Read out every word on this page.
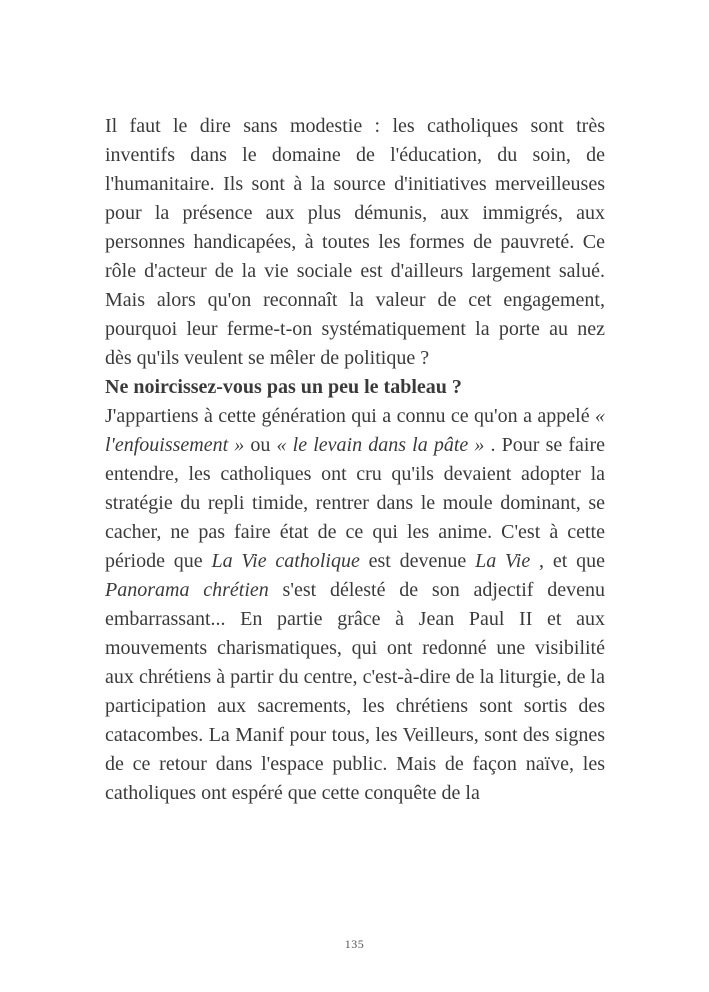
Il faut le dire sans modestie : les catholiques sont très inventifs dans le domaine de l'éducation, du soin, de l'humanitaire. Ils sont à la source d'initiatives merveilleuses pour la présence aux plus démunis, aux immigrés, aux personnes handicapées, à toutes les formes de pauvreté. Ce rôle d'acteur de la vie sociale est d'ailleurs largement salué. Mais alors qu'on reconnaît la valeur de cet engagement, pourquoi leur ferme-t-on systématiquement la porte au nez dès qu'ils veulent se mêler de politique ?

Ne noircissez-vous pas un peu le tableau ?

J'appartiens à cette génération qui a connu ce qu'on a appelé « l'enfouissement » ou « le levain dans la pâte » . Pour se faire entendre, les catholiques ont cru qu'ils devaient adopter la stratégie du repli timide, rentrer dans le moule dominant, se cacher, ne pas faire état de ce qui les anime. C'est à cette période que La Vie catholique est devenue La Vie , et que Panorama chrétien s'est délesté de son adjectif devenu embarrassant... En partie grâce à Jean Paul II et aux mouvements charismatiques, qui ont redonné une visibilité aux chrétiens à partir du centre, c'est-à-dire de la liturgie, de la participation aux sacrements, les chrétiens sont sortis des catacombes. La Manif pour tous, les Veilleurs, sont des signes de ce retour dans l'espace public. Mais de façon naïve, les catholiques ont espéré que cette conquête de la

135
